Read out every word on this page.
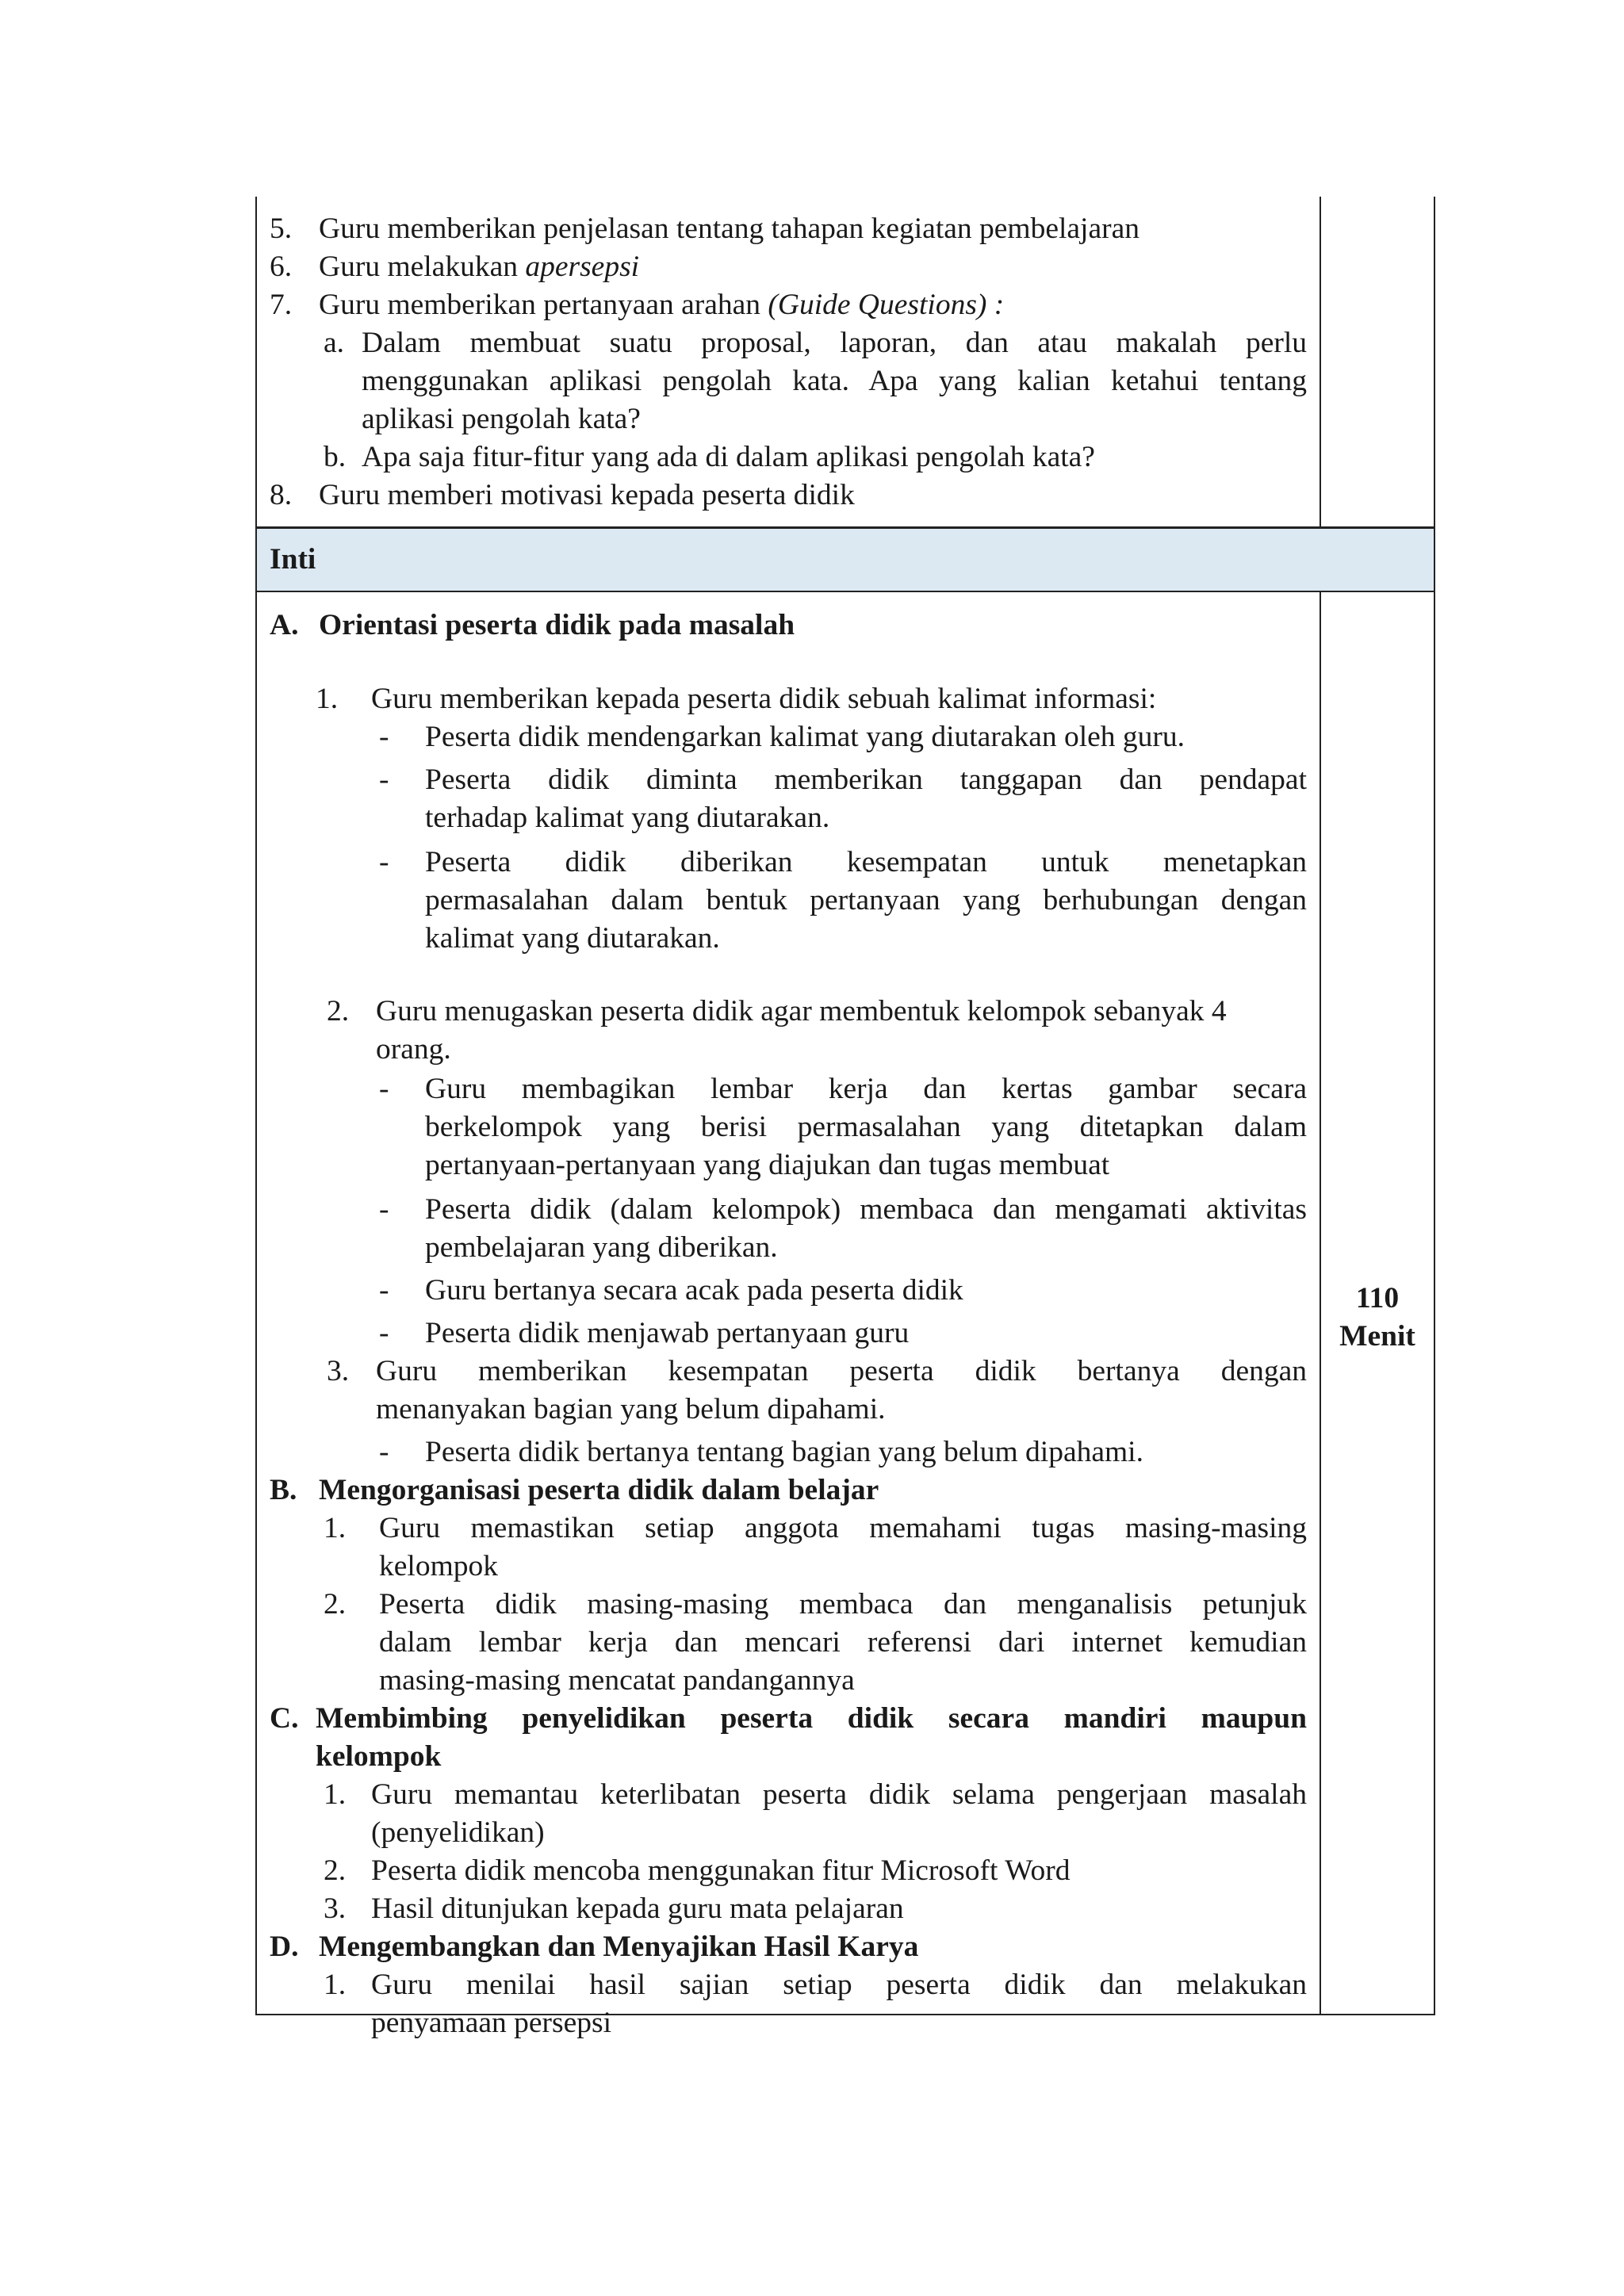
5. Guru memberikan penjelasan tentang tahapan kegiatan pembelajaran
6. Guru melakukan apersepsi
7. Guru memberikan pertanyaan arahan (Guide Questions) :
a. Dalam membuat suatu proposal, laporan, dan atau makalah perlu
menggunakan aplikasi pengolah kata. Apa yang kalian ketahui tentang
aplikasi pengolah kata?
b. Apa saja fitur-fitur yang ada di dalam aplikasi pengolah kata?
8. Guru memberi motivasi kepada peserta didik
Inti
110
Menit
A. Orientasi peserta didik pada masalah
1. Guru memberikan kepada peserta didik sebuah kalimat informasi:
- Peserta didik mendengarkan kalimat yang diutarakan oleh guru.
- Peserta didik diminta memberikan tanggapan dan pendapat
terhadap kalimat yang diutarakan.
- Peserta didik diberikan kesempatan untuk menetapkan
permasalahan dalam bentuk pertanyaan yang berhubungan dengan
kalimat yang diutarakan.
2. Guru menugaskan peserta didik agar membentuk kelompok sebanyak 4
orang.
- Guru membagikan lembar kerja dan kertas gambar secara
berkelompok yang berisi permasalahan yang ditetapkan dalam
pertanyaan-pertanyaan yang diajukan dan tugas membuat
- Peserta didik (dalam kelompok) membaca dan mengamati aktivitas
pembelajaran yang diberikan.
- Guru bertanya secara acak pada peserta didik
- Peserta didik menjawab pertanyaan guru
3. Guru memberikan kesempatan peserta didik bertanya dengan
menanyakan bagian yang belum dipahami.
- Peserta didik bertanya tentang bagian yang belum dipahami.
B. Mengorganisasi peserta didik dalam belajar
1. Guru memastikan setiap anggota memahami tugas masing-masing
kelompok
2. Peserta didik masing-masing membaca dan menganalisis petunjuk
dalam lembar kerja dan mencari referensi dari internet kemudian
masing-masing mencatat pandangannya
C. Membimbing penyelidikan peserta didik secara mandiri maupun
kelompok
1. Guru memantau keterlibatan peserta didik selama pengerjaan masalah
(penyelidikan)
2. Peserta didik mencoba menggunakan fitur Microsoft Word
3. Hasil ditunjukan kepada guru mata pelajaran
D. Mengembangkan dan Menyajikan Hasil Karya
1. Guru menilai hasil sajian setiap peserta didik dan melakukan
penyamaan persepsi
